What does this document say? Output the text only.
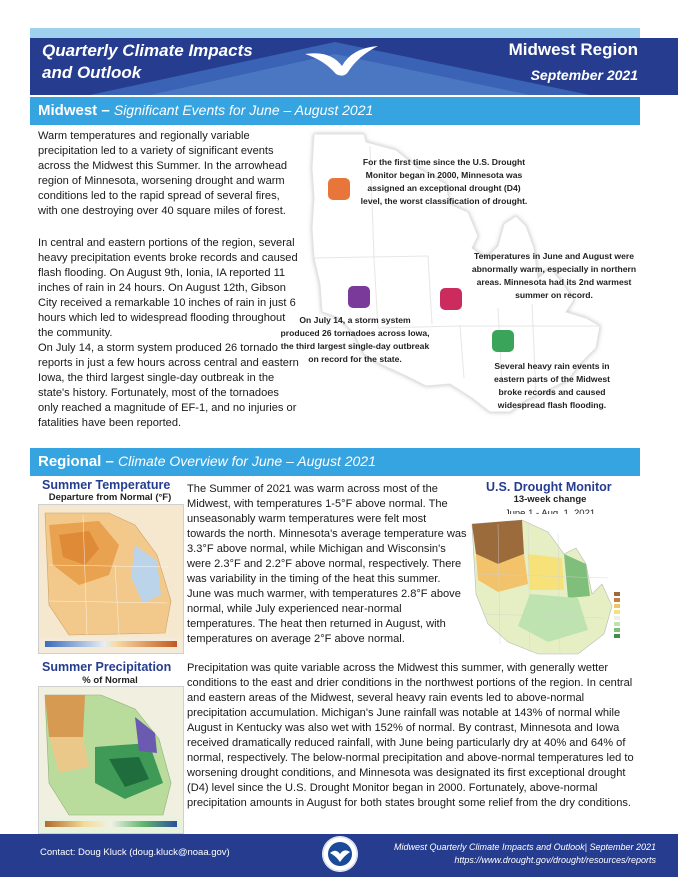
Quarterly Climate Impacts
and Outlook
Midwest Region
September 2021
Midwest – Significant Events for June – August 2021
Warm temperatures and regionally variable precipitation led to a variety of significant events across the Midwest this Summer. In the arrowhead region of Minnesota, worsening drought and warm conditions led to the rapid spread of several fires, with one destroying over 40 square miles of forest.
In central and eastern portions of the region, several heavy precipitation events broke records and caused flash flooding. On August 9th, Ionia, IA reported 11 inches of rain in 24 hours. On August 12th, Gibson City received a remarkable 10 inches of rain in just 6 hours which led to widespread flooding throughout the community.
On July 14, a storm system produced 26 tornado reports in just a few hours across central and eastern Iowa, the third largest single-day outbreak in the state's history. Fortunately, most of the tornadoes only reached a magnitude of EF-1, and no injuries or fatalities have been reported.
For the first time since the U.S. Drought Monitor began in 2000, Minnesota was assigned an exceptional drought (D4) level, the worst classification of drought.
Temperatures in June and August were abnormally warm, especially in northern areas. Minnesota had its 2nd warmest summer on record.
On July 14, a storm system produced 26 tornadoes across Iowa, the third largest single-day outbreak on record for the state.
Several heavy rain events in eastern parts of the Midwest broke records and caused widespread flash flooding.
Regional – Climate Overview for June – August 2021
Summer Temperature
Departure from Normal (°F)
The Summer of 2021 was warm across most of the Midwest, with temperatures 1-5°F above normal. The unseasonably warm temperatures were felt most towards the north. Minnesota's average temperature was 3.3°F above normal, while Michigan and Wisconsin's were 2.3°F and 2.2°F above normal, respectively. There was variability in the timing of the heat this summer. June was much warmer, with temperatures 2.8°F above normal, while July experienced near-normal temperatures. The heat then returned in August, with temperatures on average 2°F above normal.
U.S. Drought Monitor
13-week change
Summer Precipitation
% of Normal
Precipitation was quite variable across the Midwest this summer, with generally wetter conditions to the east and drier conditions in the northwest portions of the region. In central and eastern areas of the Midwest, several heavy rain events led to above-normal precipitation accumulation. Michigan's June rainfall was notable at 143% of normal while August in Kentucky was also wet with 152% of normal. By contrast, Minnesota and Iowa received dramatically reduced rainfall, with June being particularly dry at 40% and 64% of normal, respectively. The below-normal precipitation and above-normal temperatures led to worsening drought conditions, and Minnesota was designated its first exceptional drought (D4) level since the U.S. Drought Monitor began in 2000. Fortunately, above-normal precipitation amounts in August for both states brought some relief from the dry conditions.
Contact: Doug Kluck (doug.kluck@noaa.gov)	Midwest Quarterly Climate Impacts and Outlook| September 2021
https://www.drought.gov/drought/resources/reports
